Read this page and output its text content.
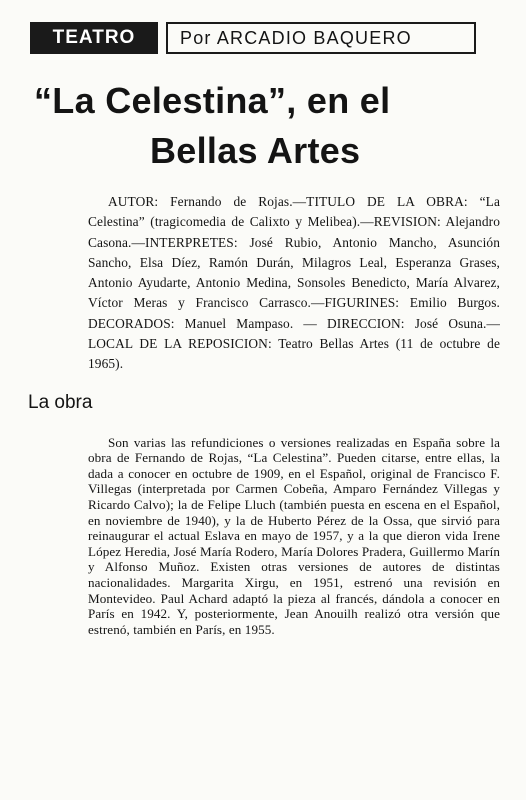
TEATRO	Por ARCADIO BAQUERO
“La Celestina”, en el
Bellas Artes

AUTOR: Fernando de Rojas.—TITULO DE LA OBRA: “La Celestina” (tragicomedia de Calixto y Melibea).—REVISION: Alejandro Casona.—INTERPRETES: José Rubio, Antonio Mancho, Asunción Sancho, Elsa Díez, Ramón Durán, Milagros Leal, Esperanza Grases, Antonio Ayudarte, Antonio Medina, Sonsoles Benedicto, María Alvarez, Víctor Meras y Francisco Carrasco.—FIGURINES: Emilio Burgos. DECORADOS: Manuel Mampaso. — DIRECCION: José Osuna.—LOCAL DE LA REPOSICION: Teatro Bellas Artes (11 de octubre de 1965).

La obra

Son varias las refundiciones o versiones realizadas en España sobre la obra de Fernando de Rojas, “La Celestina”. Pueden citarse, entre ellas, la dada a conocer en octubre de 1909, en el Español, original de Francisco F. Villegas (interpretada por Carmen Cobeña, Amparo Fernández Villegas y Ricardo Calvo); la de Felipe Lluch (también puesta en escena en el Español, en noviembre de 1940), y la de Huberto Pérez de la Ossa, que sirvió para reinaugurar el actual Eslava en mayo de 1957, y a la que dieron vida Irene López Heredia, José María Rodero, María Dolores Pradera, Guillermo Marín y Alfonso Muñoz. Existen otras versiones de autores de distintas nacionalidades. Margarita Xirgu, en 1951, estrenó una revisión en Montevideo. Paul Achard adaptó la pieza al francés, dándola a conocer en París en 1942. Y, posteriormente, Jean Anouilh realizó otra versión que estrenó, también en París, en 1955.
